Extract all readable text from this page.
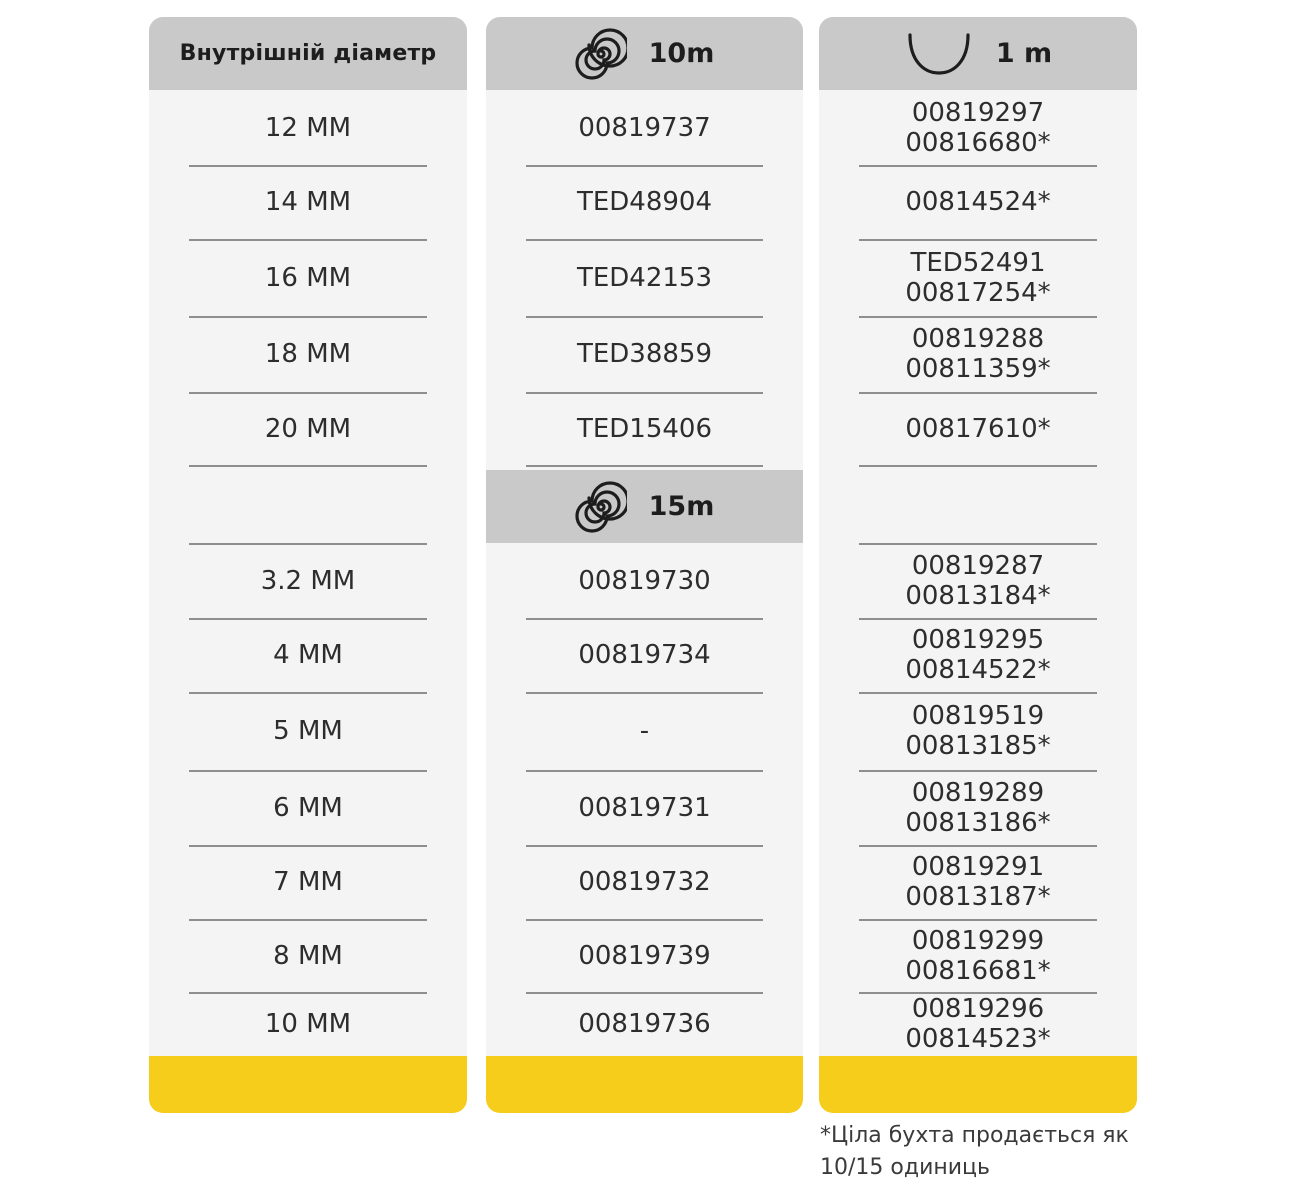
Внутрішній діаметр
12 ММ
14 ММ
16 ММ
18 ММ
20 ММ
3.2 ММ
4 ММ
5 ММ
6 ММ
7 ММ
8 ММ
10 ММ
10m
15m
00819737
TED48904
TED42153
TED38859
TED15406
00819730
00819734
-
00819731
00819732
00819739
00819736
1 m
00819297
00816680*
00814524*
TED52491
00817254*
00819288
00811359*
00817610*
00819287
00813184*
00819295
00814522*
00819519
00813185*
00819289
00813186*
00819291
00813187*
00819299
00816681*
00819296
00814523*
*Ціла бухта продається як
10/15 одиниць
